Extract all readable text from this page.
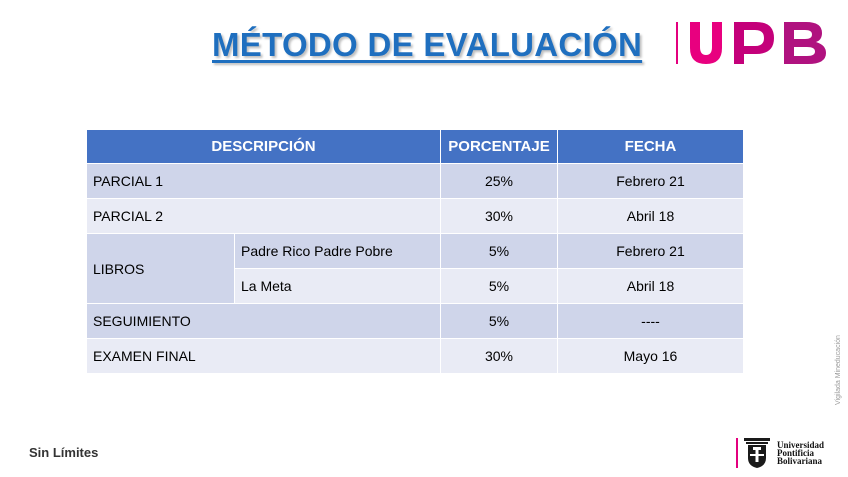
MÉTODO DE EVALUACIÓN
DESCRIPCIÓN		PORCENTAJE	FECHA
PARCIAL 1		25%	Febrero 21
PARCIAL 2		30%	Abril 18
LIBROS	Padre Rico Padre Pobre	5%	Febrero 21
	La Meta	5%	Abril 18
SEGUIMIENTO		5%	----
EXAMEN FINAL		30%	Mayo 16	Vigilada Mineducación
Sin Límites	Universidad
Pontificia
Bolivariana
